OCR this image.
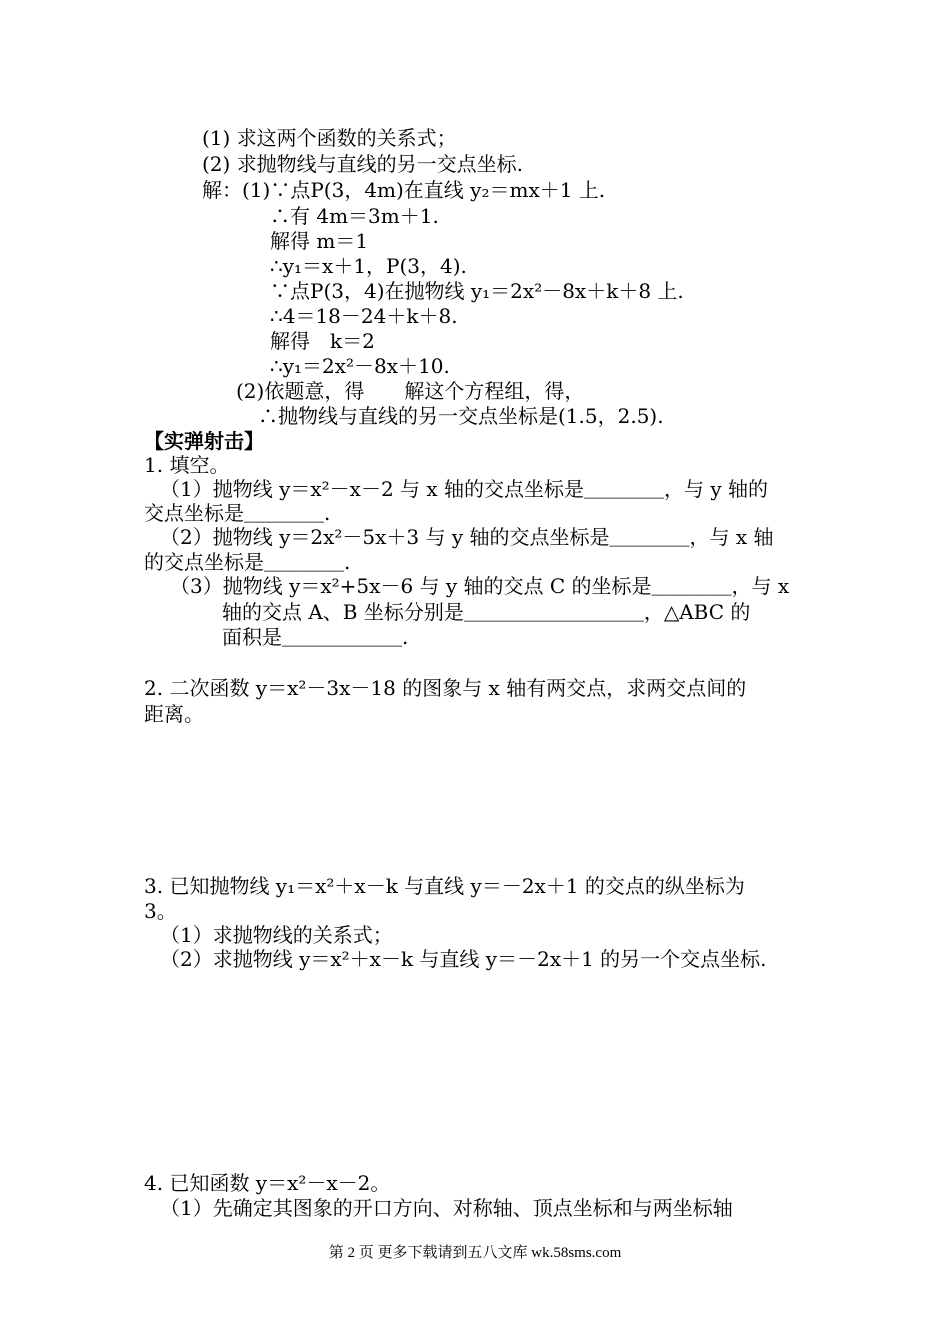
(1) 求这两个函数的关系式；
(2) 求抛物线与直线的另一交点坐标.
解：(1)∵点P(3，4m)在直线 y₂＝mx＋1 上.
∴有 4m＝3m＋1.
解得 m＝1
∴y₁＝x＋1，P(3，4).
∵点P(3，4)在抛物线 y₁＝2x²－8x＋k＋8 上.
∴4＝18－24＋k＋8.
解得　k＝2
∴y₁＝2x²－8x＋10.
(2)依题意，得　　解这个方程组，得，
∴抛物线与直线的另一交点坐标是(1.5，2.5).
【实弹射击】
1. 填空。
（1）抛物线 y＝x²－x－2 与 x 轴的交点坐标是＿＿＿＿，与 y 轴的
交点坐标是＿＿＿＿.
（2）抛物线 y＝2x²－5x＋3 与 y 轴的交点坐标是＿＿＿＿，与 x 轴
的交点坐标是＿＿＿＿.
（3）抛物线 y＝x²+5x－6 与 y 轴的交点 C 的坐标是＿＿＿＿，与 x
轴的交点 A、B 坐标分别是＿＿＿＿＿＿＿＿＿，△ABC 的
面积是＿＿＿＿＿＿.
2. 二次函数 y＝x²－3x－18 的图象与 x 轴有两交点，求两交点间的
距离。
3. 已知抛物线 y₁＝x²＋x－k 与直线 y＝－2x＋1 的交点的纵坐标为
3。
（1）求抛物线的关系式；
（2）求抛物线 y＝x²＋x－k 与直线 y＝－2x＋1 的另一个交点坐标.
4. 已知函数 y＝x²－x－2。
（1）先确定其图象的开口方向、对称轴、顶点坐标和与两坐标轴
第 2 页 更多下载请到五八文库 wk.58sms.com
